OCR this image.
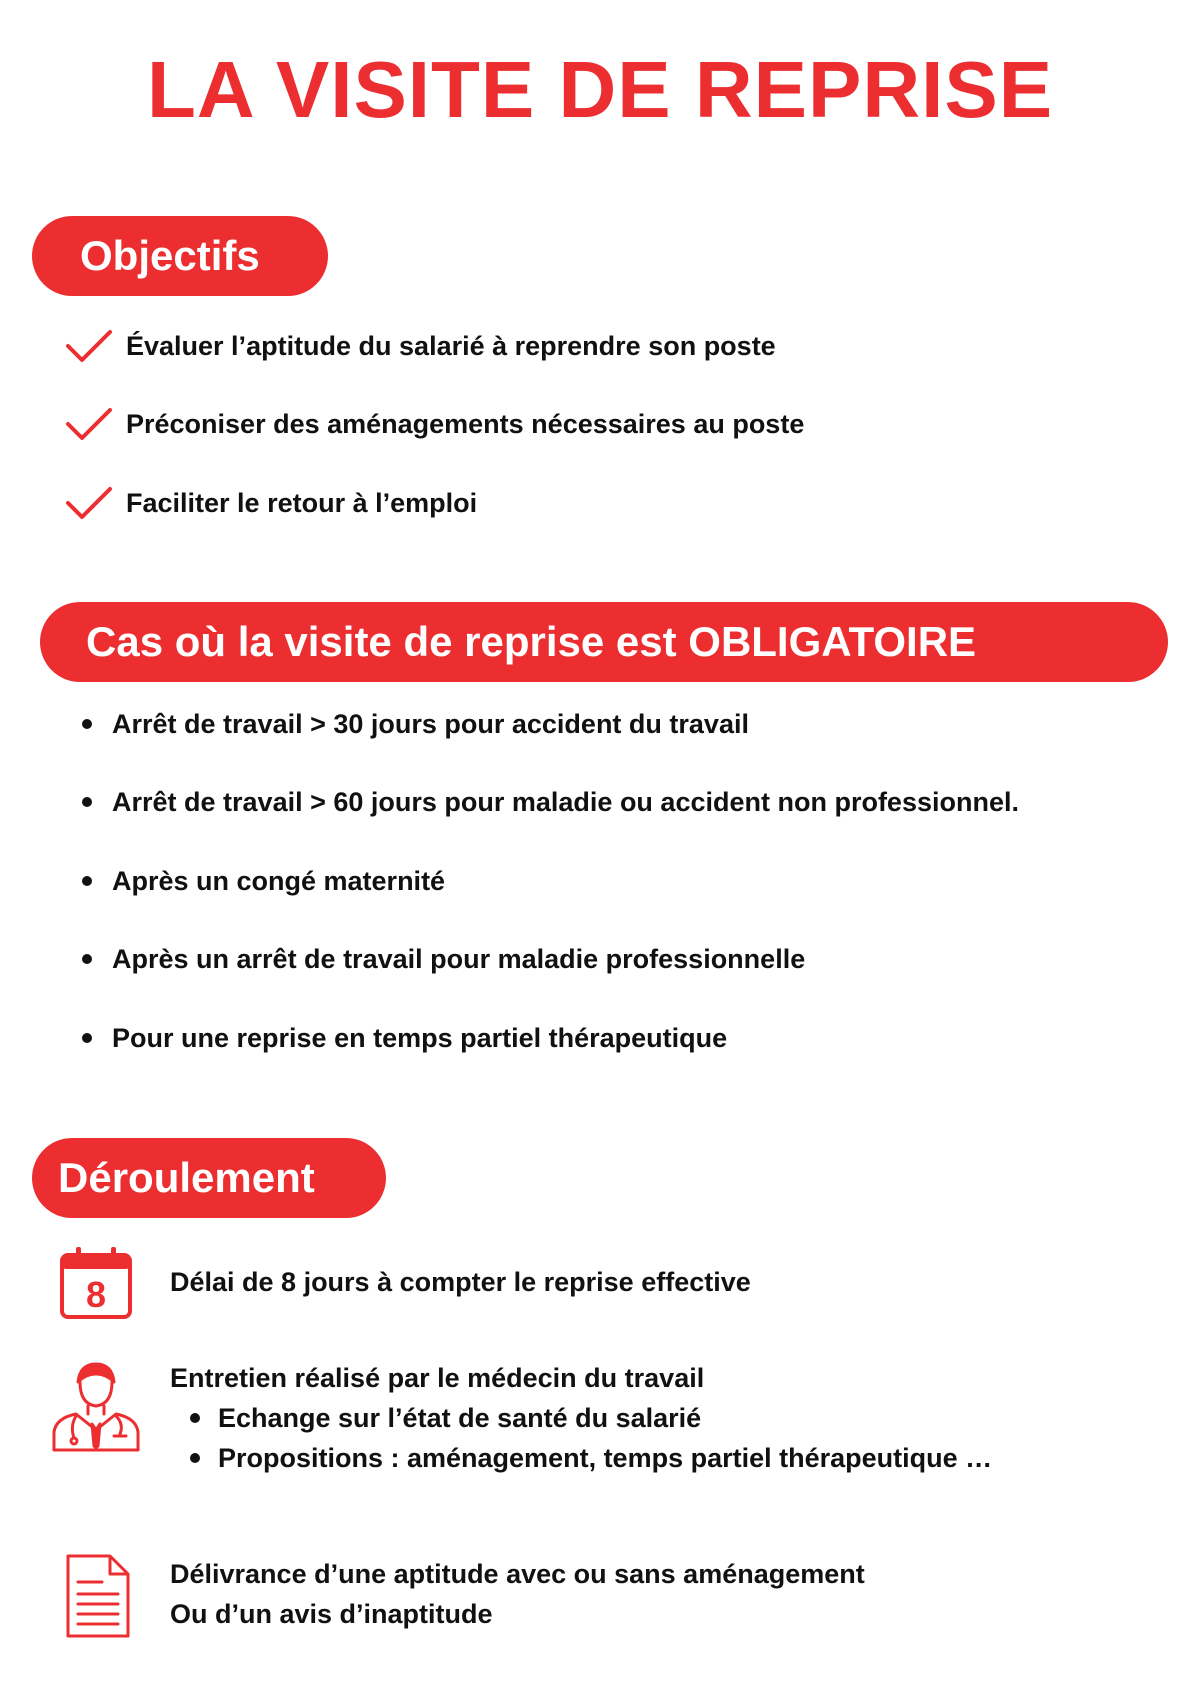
LA VISITE DE REPRISE
Objectifs
Évaluer l’aptitude du salarié à reprendre son poste
Préconiser des aménagements nécessaires au poste
Faciliter le retour à l’emploi
Cas où la visite de reprise est OBLIGATOIRE
Arrêt de travail > 30 jours pour accident du travail
Arrêt de travail > 60 jours pour maladie ou accident non professionnel.
Après un congé maternité
Après un arrêt de travail pour maladie professionnelle
Pour une reprise en temps partiel thérapeutique
Déroulement
8 Délai de 8 jours à compter le reprise effective
Entretien réalisé par le médecin du travail
Echange sur l’état de santé du salarié
Propositions : aménagement, temps partiel thérapeutique …
Délivrance d’une aptitude avec ou sans aménagement
Ou d’un avis d’inaptitude
